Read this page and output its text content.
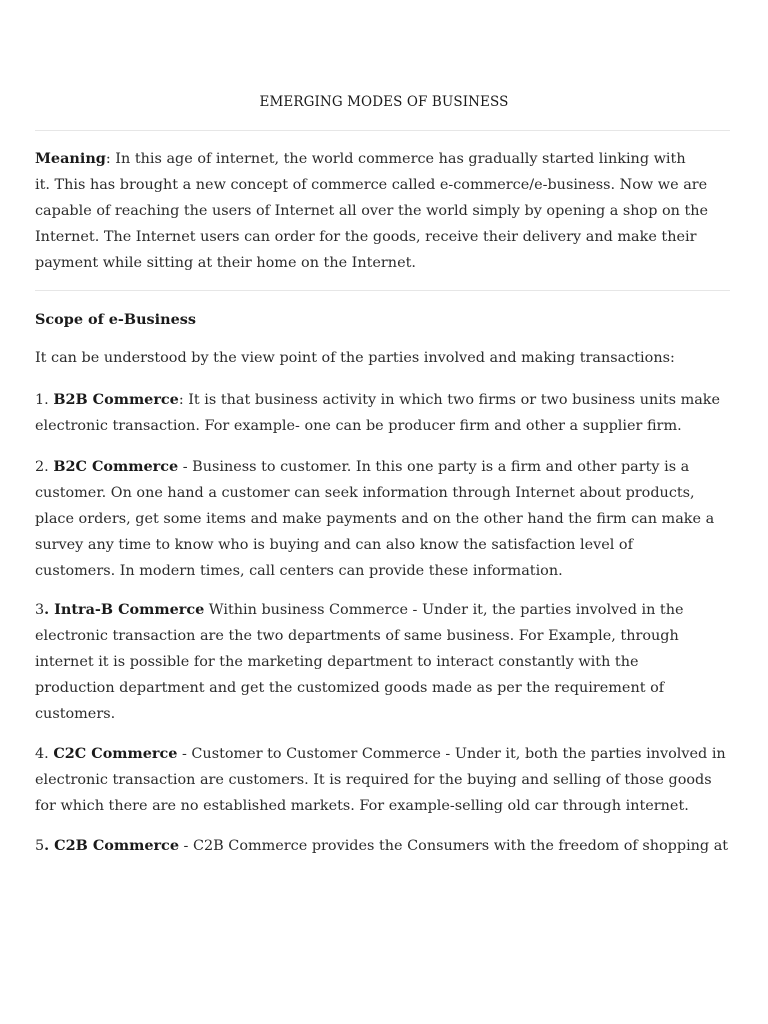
EMERGING MODES OF BUSINESS
Meaning: In this age of internet, the world commerce has gradually started linking with
it. This has brought a new concept of commerce called e-commerce/e-business. Now we are
capable of reaching the users of Internet all over the world simply by opening a shop on the
Internet. The Internet users can order for the goods, receive their delivery and make their
payment while sitting at their home on the Internet.
Scope of e-Business
It can be understood by the view point of the parties involved and making transactions:
1. B2B Commerce: It is that business activity in which two firms or two business units make
electronic transaction. For example- one can be producer firm and other a supplier firm.
2. B2C Commerce - Business to customer. In this one party is a firm and other party is a
customer. On one hand a customer can seek information through Internet about products,
place orders, get some items and make payments and on the other hand the firm can make a
survey any time to know who is buying and can also know the satisfaction level of
customers. In modern times, call centers can provide these information.
3. Intra-B Commerce Within business Commerce - Under it, the parties involved in the
electronic transaction are the two departments of same business. For Example, through
internet it is possible for the marketing department to interact constantly with the
production department and get the customized goods made as per the requirement of
customers.
4. C2C Commerce - Customer to Customer Commerce - Under it, both the parties involved in
electronic transaction are customers. It is required for the buying and selling of those goods
for which there are no established markets. For example-selling old car through internet.
5. C2B Commerce - C2B Commerce provides the Consumers with the freedom of shopping at
